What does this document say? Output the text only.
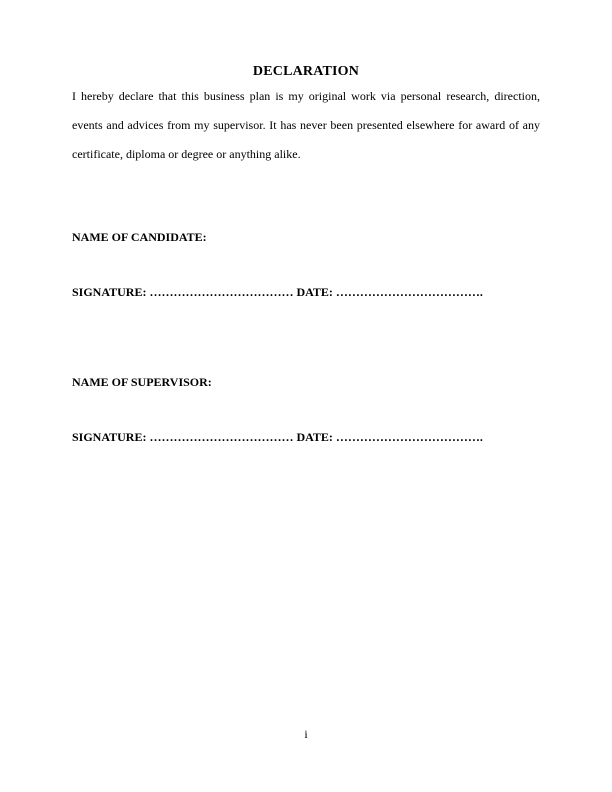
DECLARATION
I hereby declare that this business plan is my original work via personal research, direction,
events and advices from my supervisor. It has never been presented elsewhere for award of any
certificate, diploma or degree or anything alike.
NAME OF CANDIDATE:
SIGNATURE: ……………………………… DATE: ……………………………….
NAME OF SUPERVISOR:
SIGNATURE: ……………………………… DATE: ……………………………….
i
